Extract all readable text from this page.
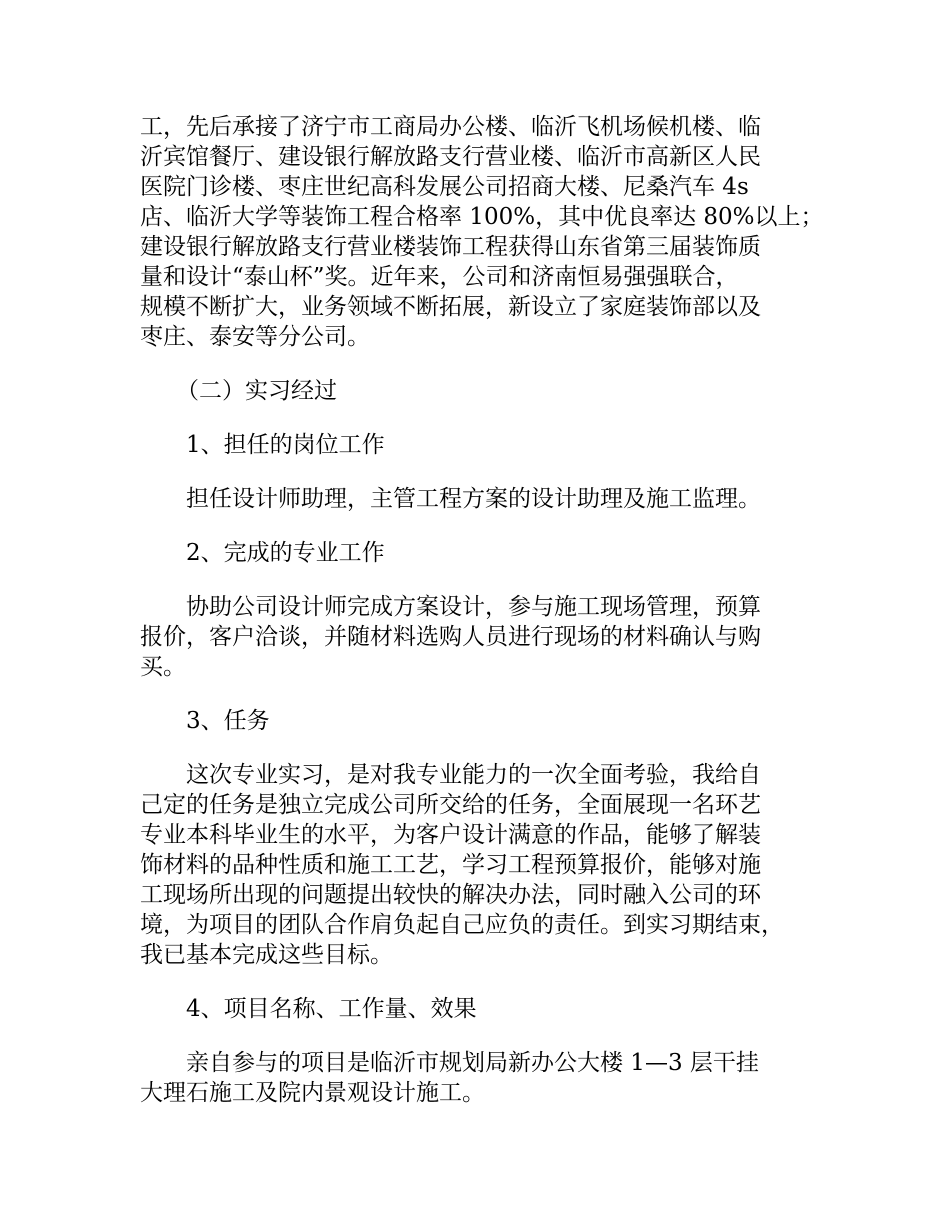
工，先后承接了济宁市工商局办公楼、临沂飞机场候机楼、临
沂宾馆餐厅、建设银行解放路支行营业楼、临沂市高新区人民
医院门诊楼、枣庄世纪高科发展公司招商大楼、尼桑汽车 4s
店、临沂大学等装饰工程合格率 100%，其中优良率达 80%以上；
建设银行解放路支行营业楼装饰工程获得山东省第三届装饰质
量和设计“泰山杯”奖。近年来，公司和济南恒易强强联合，
规模不断扩大，业务领域不断拓展，新设立了家庭装饰部以及
枣庄、泰安等分公司。
（二）实习经过
1、担任的岗位工作
担任设计师助理，主管工程方案的设计助理及施工监理。
2、完成的专业工作
协助公司设计师完成方案设计，参与施工现场管理，预算
报价，客户洽谈，并随材料选购人员进行现场的材料确认与购
买。
3、任务
这次专业实习，是对我专业能力的一次全面考验，我给自
己定的任务是独立完成公司所交给的任务，全面展现一名环艺
专业本科毕业生的水平，为客户设计满意的作品，能够了解装
饰材料的品种性质和施工工艺，学习工程预算报价，能够对施
工现场所出现的问题提出较快的解决办法，同时融入公司的环
境，为项目的团队合作肩负起自己应负的责任。到实习期结束，
我已基本完成这些目标。
4、项目名称、工作量、效果
亲自参与的项目是临沂市规划局新办公大楼 1—3 层干挂
大理石施工及院内景观设计施工。
